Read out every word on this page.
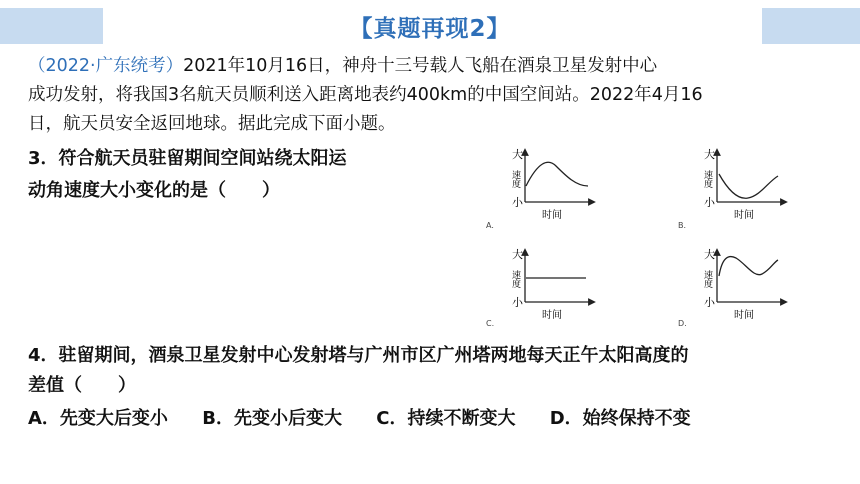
【真题再现2】
（2022·广东统考）2021年10月16日，神舟十三号载人飞船在酒泉卫星发射中心
成功发射，将我国3名航天员顺利送入距离地表约400km的中国空间站。2022年4月16
日，航天员安全返回地球。据此完成下面小题。
3．符合航天员驻留期间空间站绕太阳运
动角速度大小变化的是（　　）
大
小
速度
时间
A.
大
小
速度
时间
B.
大
小
速度
时间
C.
大
小
速度
时间
D.
4．驻留期间，酒泉卫星发射中心发射塔与广州市区广州塔两地每天正午太阳高度的
差值（　　）
A．先变大后变小 B．先变小后变大 C．持续不断变大 D．始终保持不变
